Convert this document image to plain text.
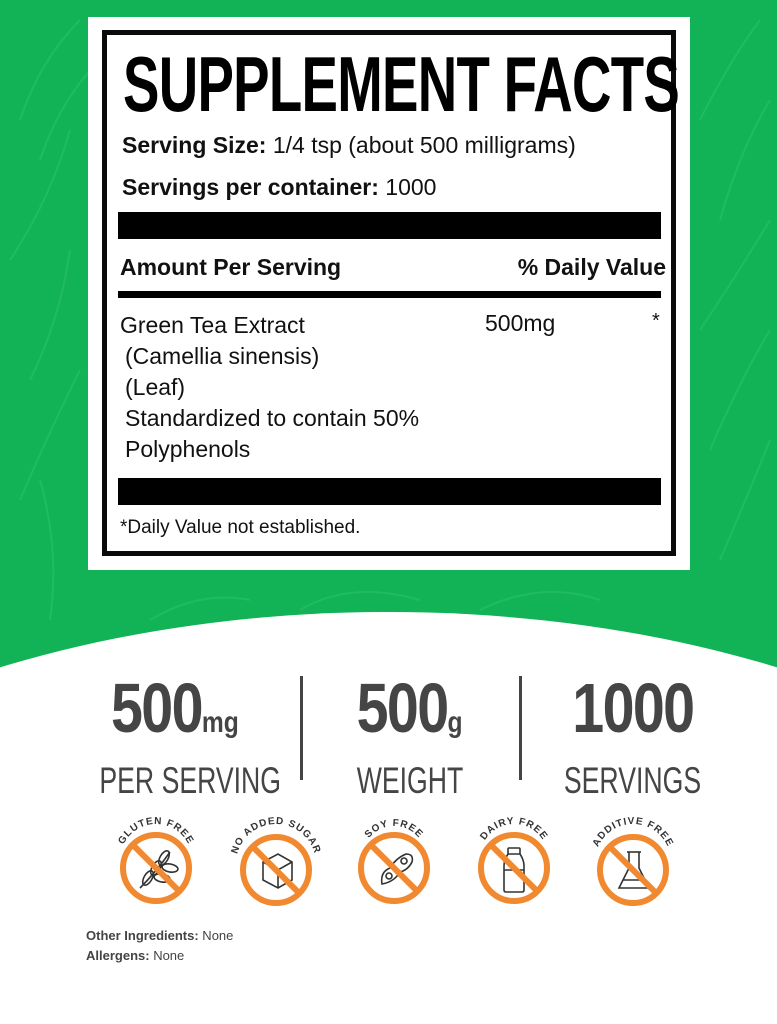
SUPPLEMENT FACTS
Serving Size: 1/4 tsp (about 500 milligrams)
Servings per container: 1000
Amount Per Serving	% Daily Value
Green Tea Extract
(Camellia sinensis)
(Leaf)
Standardized to contain 50%
Polyphenols
500mg	*
*Daily Value not established.
500mg
PER SERVING
500g
WEIGHT
1000
SERVINGS
GLUTEN FREE
NO ADDED SUGAR
SOY FREE	DAIRY FREE
ADDITIVE FREE
Other Ingredients: None
Allergens: None
